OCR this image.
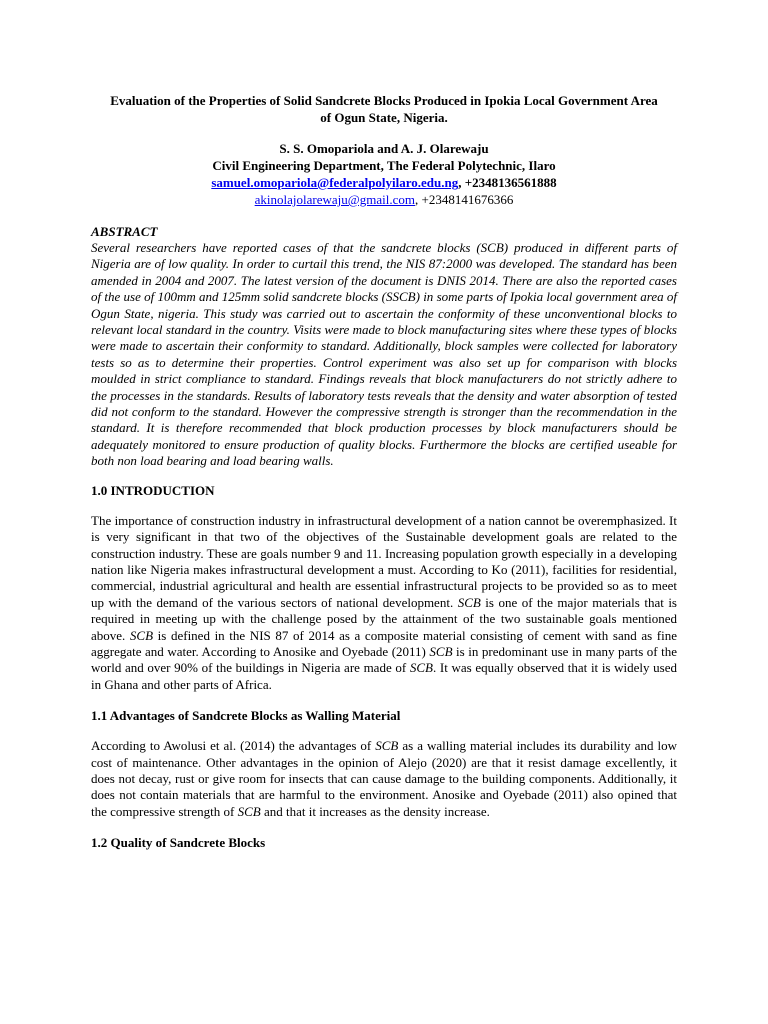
Evaluation of the Properties of Solid Sandcrete Blocks Produced in Ipokia Local Government Area
of Ogun State, Nigeria.
S. S. Omopariola and A. J. Olarewaju
Civil Engineering Department, The Federal Polytechnic, Ilaro
samuel.omopariola@federalpolyilaro.edu.ng, +2348136561888
akinolajolarewaju@gmail.com, +2348141676366
ABSTRACT
Several researchers have reported cases of that the sandcrete blocks (SCB) produced in different parts of Nigeria are of low quality. In order to curtail this trend, the NIS 87:2000 was developed. The standard has been amended in 2004 and 2007. The latest version of the document is DNIS 2014. There are also the reported cases of the use of 100mm and 125mm solid sandcrete blocks (SSCB) in some parts of Ipokia local government area of Ogun State, nigeria. This study was carried out to ascertain the conformity of these unconventional blocks to relevant local standard in the country. Visits were made to block manufacturing sites where these types of blocks were made to ascertain their conformity to standard. Additionally, block samples were collected for laboratory tests so as to determine their properties. Control experiment was also set up for comparison with blocks moulded in strict compliance to standard. Findings reveals that block manufacturers do not strictly adhere to the processes in the standards. Results of laboratory tests reveals that the density and water absorption of tested did not conform to the standard. However the compressive strength is stronger than the recommendation in the standard. It is therefore recommended that block production processes by block manufacturers should be adequately monitored to ensure production of quality blocks. Furthermore the blocks are certified useable for both non load bearing and load bearing walls.
1.0 INTRODUCTION
The importance of construction industry in infrastructural development of a nation cannot be overemphasized. It is very significant in that two of the objectives of the Sustainable development goals are related to the construction industry. These are goals number 9 and 11. Increasing population growth especially in a developing nation like Nigeria makes infrastructural development a must. According to Ko (2011), facilities for residential, commercial, industrial agricultural and health are essential infrastructural projects to be provided so as to meet up with the demand of the various sectors of national development. SCB is one of the major materials that is required in meeting up with the challenge posed by the attainment of the two sustainable goals mentioned above. SCB is defined in the NIS 87 of 2014 as a composite material consisting of cement with sand as fine aggregate and water. According to Anosike and Oyebade (2011) SCB is in predominant use in many parts of the world and over 90% of the buildings in Nigeria are made of SCB. It was equally observed that it is widely used in Ghana and other parts of Africa.
1.1 Advantages of Sandcrete Blocks as Walling Material
According to Awolusi et al. (2014) the advantages of SCB as a walling material includes its durability and low cost of maintenance. Other advantages in the opinion of Alejo (2020) are that it resist damage excellently, it does not decay, rust or give room for insects that can cause damage to the building components. Additionally, it does not contain materials that are harmful to the environment. Anosike and Oyebade (2011) also opined that the compressive strength of SCB and that it increases as the density increase.
1.2 Quality of Sandcrete Blocks
